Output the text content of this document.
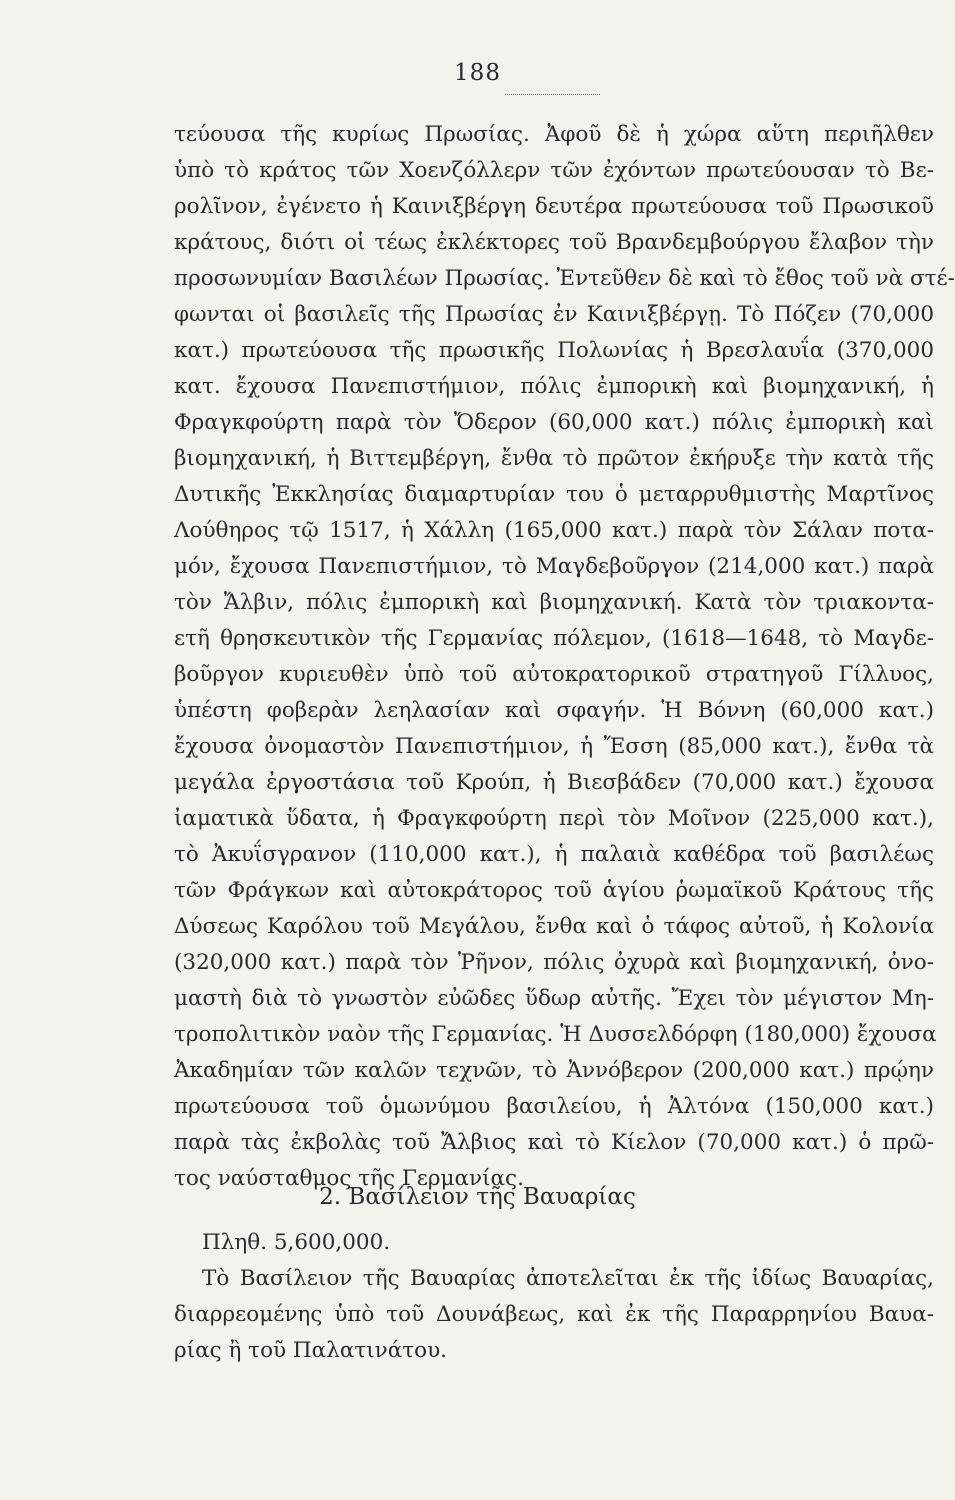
188
τεύουσα τῆς κυρίως Πρωσίας. Ἀφοῦ δὲ ἡ χώρα αὕτη περιῆλθεν
ὑπὸ τὸ κράτος τῶν Χοενζόλλερν τῶν ἐχόντων πρωτεύουσαν τὸ Βε-
ρολῖνον, ἐγένετο ἡ Καινιξβέργη δευτέρα πρωτεύουσα τοῦ Πρωσικοῦ
κράτους, διότι οἱ τέως ἐκλέκτορες τοῦ Βρανδεμβούργου ἔλαβον τὴν
προσωνυμίαν Βασιλέων Πρωσίας. Ἐντεῦθεν δὲ καὶ τὸ ἔθος τοῦ νὰ στέ-
φωνται οἱ βασιλεῖς τῆς Πρωσίας ἐν Καινιξβέργῃ. Τὸ Πόζεν (70,000
κατ.) πρωτεύουσα τῆς πρωσικῆς Πολωνίας ἡ Βρεσλαυΐα (370,000
κατ. ἔχουσα Πανεπιστήμιον, πόλις ἐμπορικὴ καὶ βιομηχανική, ἡ
Φραγκφούρτη παρὰ τὸν Ὄδερον (60,000 κατ.) πόλις ἐμπορικὴ καὶ
βιομηχανική, ἡ Βιττεμβέργη, ἔνθα τὸ πρῶτον ἐκήρυξε τὴν κατὰ τῆς
Δυτικῆς Ἐκκλησίας διαμαρτυρίαν του ὁ μεταρρυθμιστὴς Μαρτῖνος
Λούθηρος τῷ 1517, ἡ Χάλλη (165,000 κατ.) παρὰ τὸν Σάλαν ποτα-
μόν, ἔχουσα Πανεπιστήμιον, τὸ Μαγδεβοῦργον (214,000 κατ.) παρὰ
τὸν Ἄλβιν, πόλις ἐμπορικὴ καὶ βιομηχανική. Κατὰ τὸν τριακοντα-
ετῆ θρησκευτικὸν τῆς Γερμανίας πόλεμον, (1618—1648, τὸ Μαγδε-
βοῦργον κυριευθὲν ὑπὸ τοῦ αὐτοκρατορικοῦ στρατηγοῦ Γίλλυος,
ὑπέστη φοβερὰν λεηλασίαν καὶ σφαγήν. Ἡ Βόννη (60,000 κατ.)
ἔχουσα ὀνομαστὸν Πανεπιστήμιον, ἡ Ἔσση (85,000 κατ.), ἔνθα τὰ
μεγάλα ἐργοστάσια τοῦ Κρούπ, ἡ Βιεσβάδεν (70,000 κατ.) ἔχουσα
ἰαματικὰ ὕδατα, ἡ Φραγκφούρτη περὶ τὸν Μοῖνον (225,000 κατ.),
τὸ Ἀκυΐσγρανον (110,000 κατ.), ἡ παλαιὰ καθέδρα τοῦ βασιλέως
τῶν Φράγκων καὶ αὐτοκράτορος τοῦ ἁγίου ῥωμαϊκοῦ Κράτους τῆς
Δύσεως Καρόλου τοῦ Μεγάλου, ἔνθα καὶ ὁ τάφος αὐτοῦ, ἡ Κολονία
(320,000 κατ.) παρὰ τὸν Ῥῆνον, πόλις ὀχυρὰ καὶ βιομηχανική, ὀνο-
μαστὴ διὰ τὸ γνωστὸν εὐῶδες ὕδωρ αὐτῆς. Ἔχει τὸν μέγιστον Μη-
τροπολιτικὸν ναὸν τῆς Γερμανίας. Ἡ Δυσσελδόρφη (180,000) ἔχουσα
Ἀκαδημίαν τῶν καλῶν τεχνῶν, τὸ Ἀννόβερον (200,000 κατ.) πρῴην
πρωτεύουσα τοῦ ὁμωνύμου βασιλείου, ἡ Ἀλτόνα (150,000 κατ.)
παρὰ τὰς ἐκβολὰς τοῦ Ἄλβιος καὶ τὸ Κίελον (70,000 κατ.) ὁ πρῶ-
τος ναύσταθμος τῆς Γερμανίας.
2. Βασίλειον τῆς Βαυαρίας
Πληθ. 5,600,000.
Τὸ Βασίλειον τῆς Βαυαρίας ἀποτελεῖται ἐκ τῆς ἰδίως Βαυαρίας,
διαρρεομένης ὑπὸ τοῦ Δουνάβεως, καὶ ἐκ τῆς Παραρρηνίου Βαυα-
ρίας ἢ τοῦ Παλατινάτου.
